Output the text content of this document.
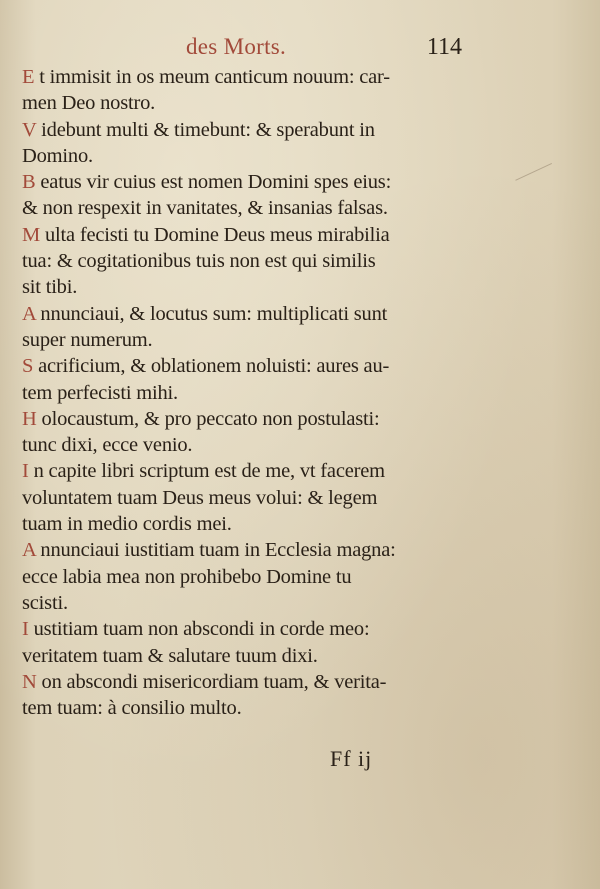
des Morts.	114
E t immisit in os meum canticum nouum: car-
men Deo nostro.
V idebunt multi & timebunt: & sperabunt in
Domino.
B eatus vir cuius est nomen Domini spes eius:
& non respexit in vanitates, & insanias falsas.
M ulta fecisti tu Domine Deus meus mirabilia
tua: & cogitationibus tuis non est qui similis
sit tibi.
A nnunciaui, & locutus sum: multiplicati sunt
super numerum.
S acrificium, & oblationem noluisti: aures au-
tem perfecisti mihi.
H olocaustum, & pro peccato non postulasti:
tunc dixi, ecce venio.
I n capite libri scriptum est de me, vt facerem
voluntatem tuam Deus meus volui: & legem
tuam in medio cordis mei.
A nnunciaui iustitiam tuam in Ecclesia magna:
ecce labia mea non prohibebo Domine tu
scisti.
I ustitiam tuam non abscondi in corde meo:
veritatem tuam & salutare tuum dixi.
N on abscondi misericordiam tuam, & verita-
tem tuam: à consilio multo.
Ff ij
